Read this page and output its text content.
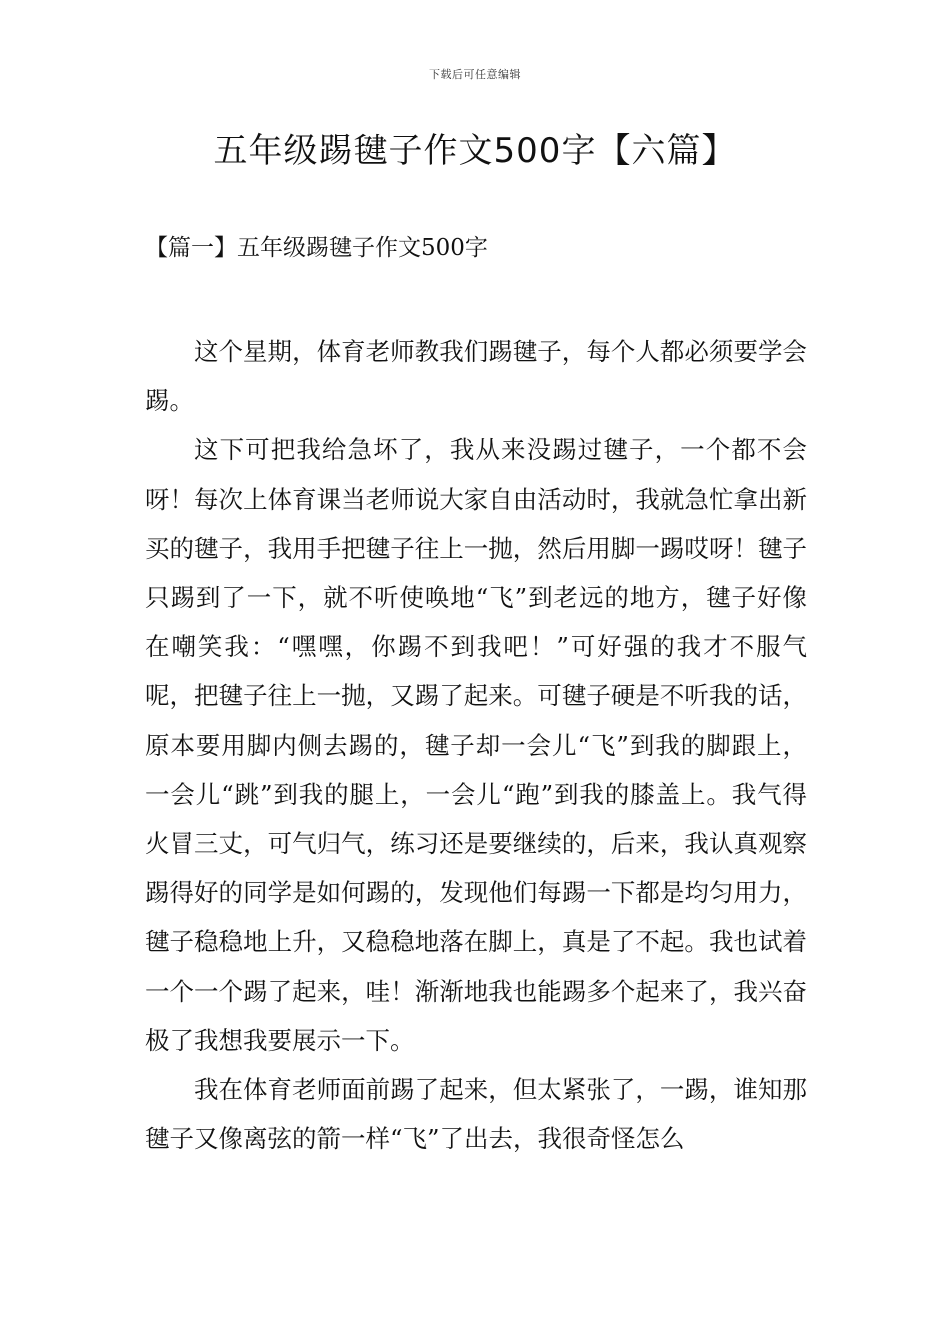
下载后可任意编辑
五年级踢毽子作文500字【六篇】
【篇一】五年级踢毽子作文500字

这个星期，体育老师教我们踢毽子，每个人都必须要学会踢。

这下可把我给急坏了，我从来没踢过毽子，一个都不会呀！每次上体育课当老师说大家自由活动时，我就急忙拿出新买的毽子，我用手把毽子往上一抛，然后用脚一踢哎呀！毽子只踢到了一下，就不听使唤地“飞”到老远的地方，毽子好像在嘲笑我：“嘿嘿，你踢不到我吧！”可好强的我才不服气呢，把毽子往上一抛，又踢了起来。可毽子硬是不听我的话，原本要用脚内侧去踢的，毽子却一会儿“飞”到我的脚跟上，一会儿“跳”到我的腿上，一会儿“跑”到我的膝盖上。我气得火冒三丈，可气归气，练习还是要继续的，后来，我认真观察踢得好的同学是如何踢的，发现他们每踢一下都是均匀用力，毽子稳稳地上升，又稳稳地落在脚上，真是了不起。我也试着一个一个踢了起来，哇！渐渐地我也能踢多个起来了，我兴奋极了我想我要展示一下。

我在体育老师面前踢了起来，但太紧张了，一踢，谁知那毽子又像离弦的箭一样“飞”了出去，我很奇怪怎么
